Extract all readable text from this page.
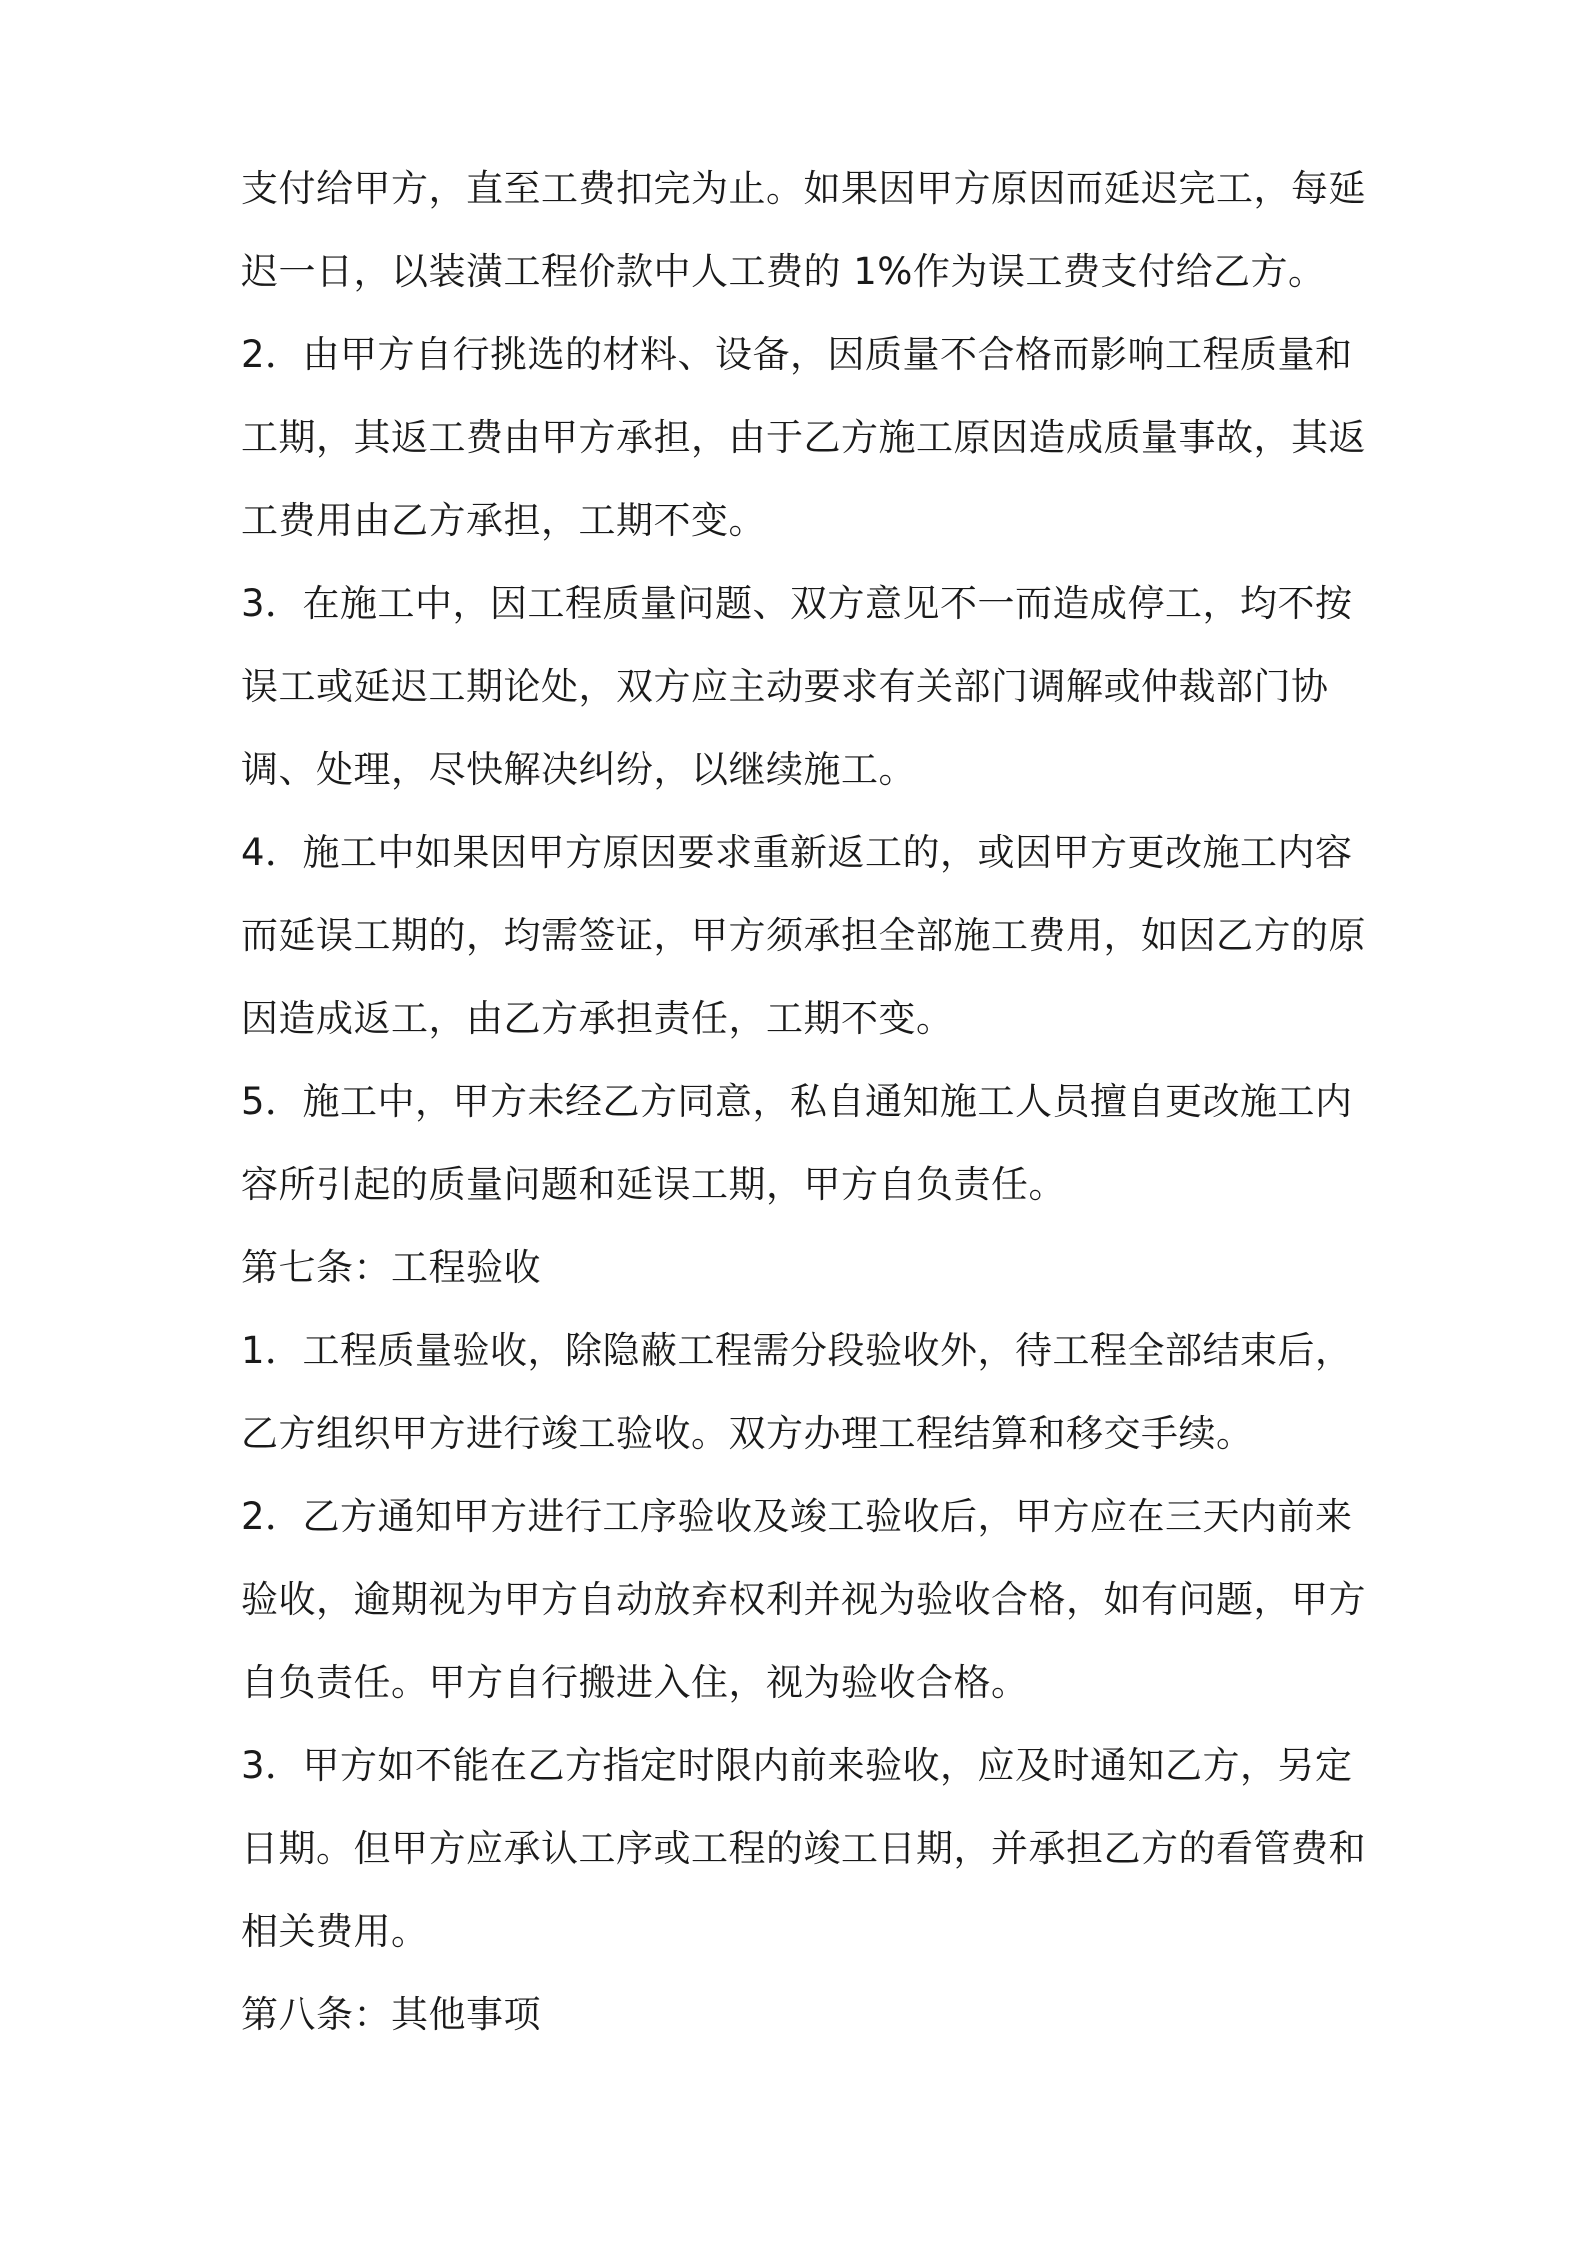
支付给甲方，直至工费扣完为止。如果因甲方原因而延迟完工，每延
迟一日，以装潢工程价款中人工费的 1%作为误工费支付给乙方。
2．由甲方自行挑选的材料、设备，因质量不合格而影响工程质量和
工期，其返工费由甲方承担，由于乙方施工原因造成质量事故，其返
工费用由乙方承担，工期不变。
3．在施工中，因工程质量问题、双方意见不一而造成停工，均不按
误工或延迟工期论处，双方应主动要求有关部门调解或仲裁部门协
调、处理，尽快解决纠纷，以继续施工。
4．施工中如果因甲方原因要求重新返工的，或因甲方更改施工内容
而延误工期的，均需签证，甲方须承担全部施工费用，如因乙方的原
因造成返工，由乙方承担责任，工期不变。
5．施工中，甲方未经乙方同意，私自通知施工人员擅自更改施工内
容所引起的质量问题和延误工期，甲方自负责任。
第七条：工程验收
1．工程质量验收，除隐蔽工程需分段验收外，待工程全部结束后，
乙方组织甲方进行竣工验收。双方办理工程结算和移交手续。
2．乙方通知甲方进行工序验收及竣工验收后，甲方应在三天内前来
验收，逾期视为甲方自动放弃权利并视为验收合格，如有问题，甲方
自负责任。甲方自行搬进入住，视为验收合格。
3．甲方如不能在乙方指定时限内前来验收，应及时通知乙方，另定
日期。但甲方应承认工序或工程的竣工日期，并承担乙方的看管费和
相关费用。
第八条：其他事项
